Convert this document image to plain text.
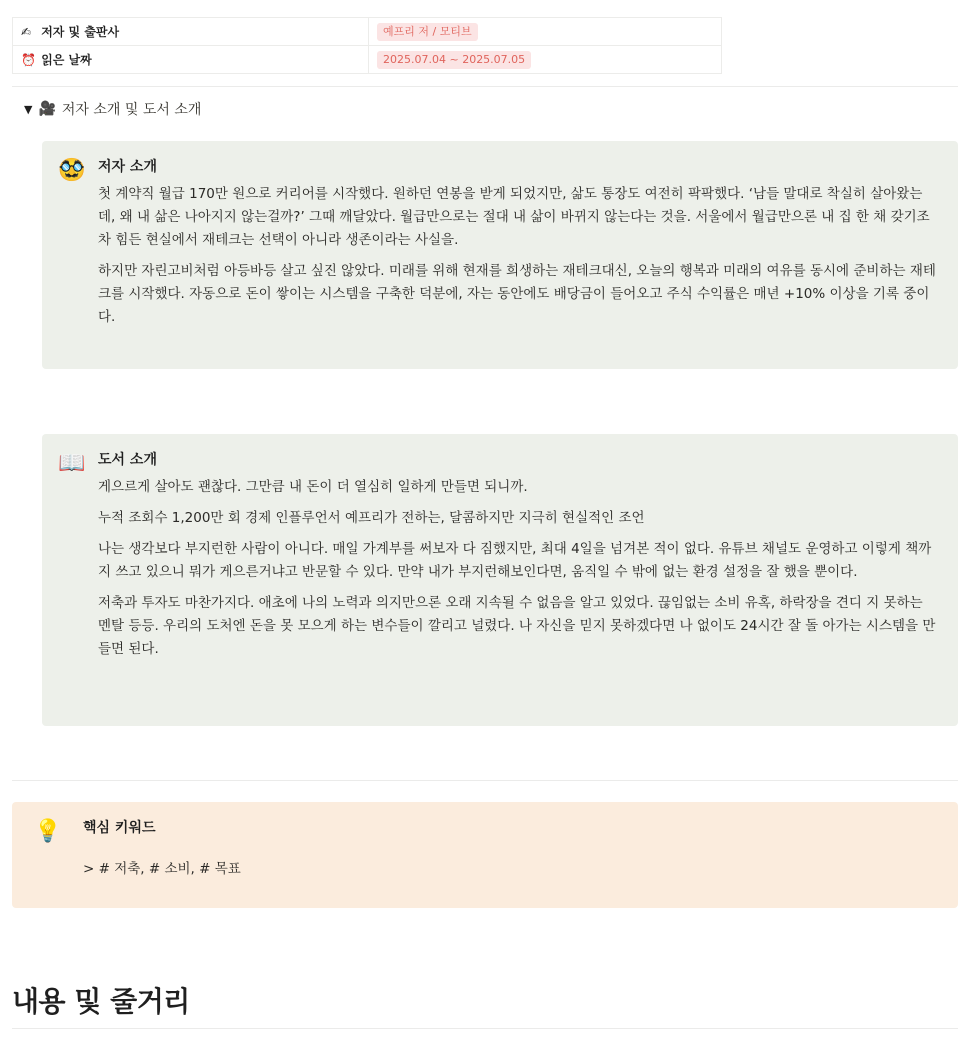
✍ 저자 및 출판사	예프리 저 / 모티브
⏰ 읽은 날짜	2025.07.04 ~ 2025.07.05
▼ 🎥 저자 소개 및 도서 소개
🥸 저자 소개

첫 계약직 월급 170만 원으로 커리어를 시작했다. 원하던 연봉을 받게 되었지만, 삶도 통장도 여전히 팍팍했다. ‘남들 말대로 착실히 살아왔는데, 왜 내 삶은 나아지지 않는걸까?’ 그때 깨달았다. 월급만으로는 절대 내 삶이 바뀌지 않는다는 것을. 서울에서 월급만으론 내 집 한 채 갖기조차 힘든 현실에서 재테크는 선택이 아니라 생존이라는 사실을.

하지만 자린고비처럼 아등바등 살고 싶진 않았다. 미래를 위해 현재를 희생하는 재테크대신, 오늘의 행복과 미래의 여유를 동시에 준비하는 재테크를 시작했다. 자동으로 돈이 쌓이는 시스템을 구축한 덕분에, 자는 동안에도 배당금이 들어오고 주식 수익률은 매년 +10% 이상을 기록 중이다.

📖 도서 소개

게으르게 살아도 괜찮다. 그만큼 내 돈이 더 열심히 일하게 만들면 되니까.

누적 조회수 1,200만 회 경제 인플루언서 예프리가 전하는, 달콤하지만 지극히 현실적인 조언

나는 생각보다 부지런한 사람이 아니다. 매일 가계부를 써보자 다 짐했지만, 최대 4일을 넘겨본 적이 없다. 유튜브 채널도 운영하고 이렇게 책까지 쓰고 있으니 뭐가 게으른거냐고 반문할 수 있다. 만약 내가 부지런해보인다면, 움직일 수 밖에 없는 환경 설정을 잘 했을 뿐이다.

저축과 투자도 마찬가지다. 애초에 나의 노력과 의지만으론 오래 지속될 수 없음을 알고 있었다. 끊임없는 소비 유혹, 하락장을 견디 지 못하는 멘탈 등등. 우리의 도처엔 돈을 못 모으게 하는 변수들이 깔리고 널렸다. 나 자신을 믿지 못하겠다면 나 없이도 24시간 잘 돌 아가는 시스템을 만들면 된다.

💡 핵심 키워드

> # 저축, # 소비, # 목표

내용 및 줄거리
